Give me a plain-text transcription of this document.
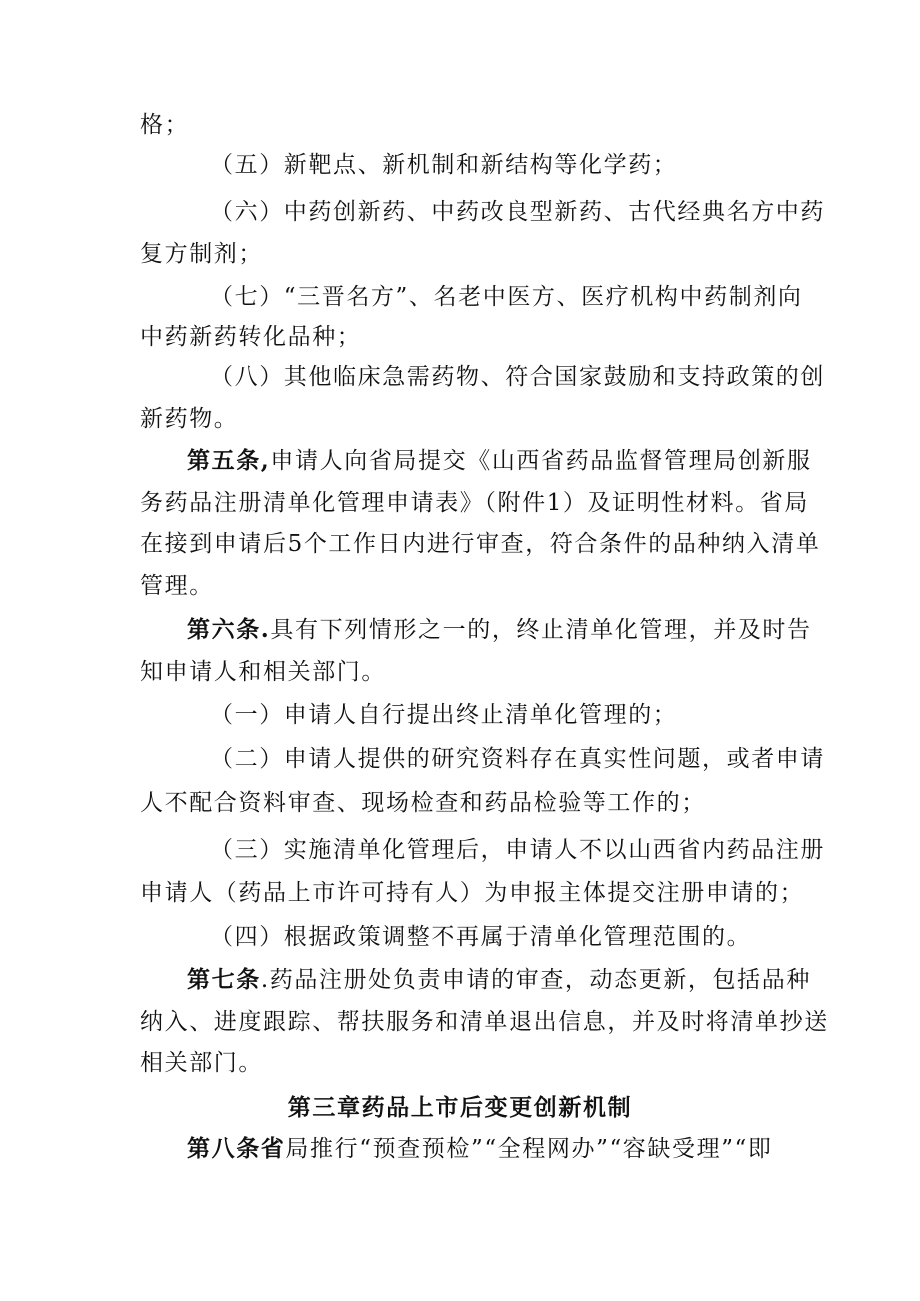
格；
（五）新靶点、新机制和新结构等化学药；
（六）中药创新药、中药改良型新药、古代经典名方中药
复方制剂；
（七）“三晋名方”、名老中医方、医疗机构中药制剂向
中药新药转化品种；
（八）其他临床急需药物、符合国家鼓励和支持政策的创
新药物。
第五条,申请人向省局提交《山西省药品监督管理局创新服
务药品注册清单化管理申请表》（附件1）及证明性材料。省局
在接到申请后5个工作日内进行审查，符合条件的品种纳入清单
管理。
第六条.具有下列情形之一的，终止清单化管理，并及时告
知申请人和相关部门。
（一）申请人自行提出终止清单化管理的；
（二）申请人提供的研究资料存在真实性问题，或者申请
人不配合资料审查、现场检查和药品检验等工作的；
（三）实施清单化管理后，申请人不以山西省内药品注册
申请人（药品上市许可持有人）为申报主体提交注册申请的；
（四）根据政策调整不再属于清单化管理范围的。
第七条.药品注册处负责申请的审查，动态更新，包括品种
纳入、进度跟踪、帮扶服务和清单退出信息，并及时将清单抄送
相关部门。
第三章药品上市后变更创新机制
第八条省局推行“预查预检”“全程网办”“容缺受理”“即
